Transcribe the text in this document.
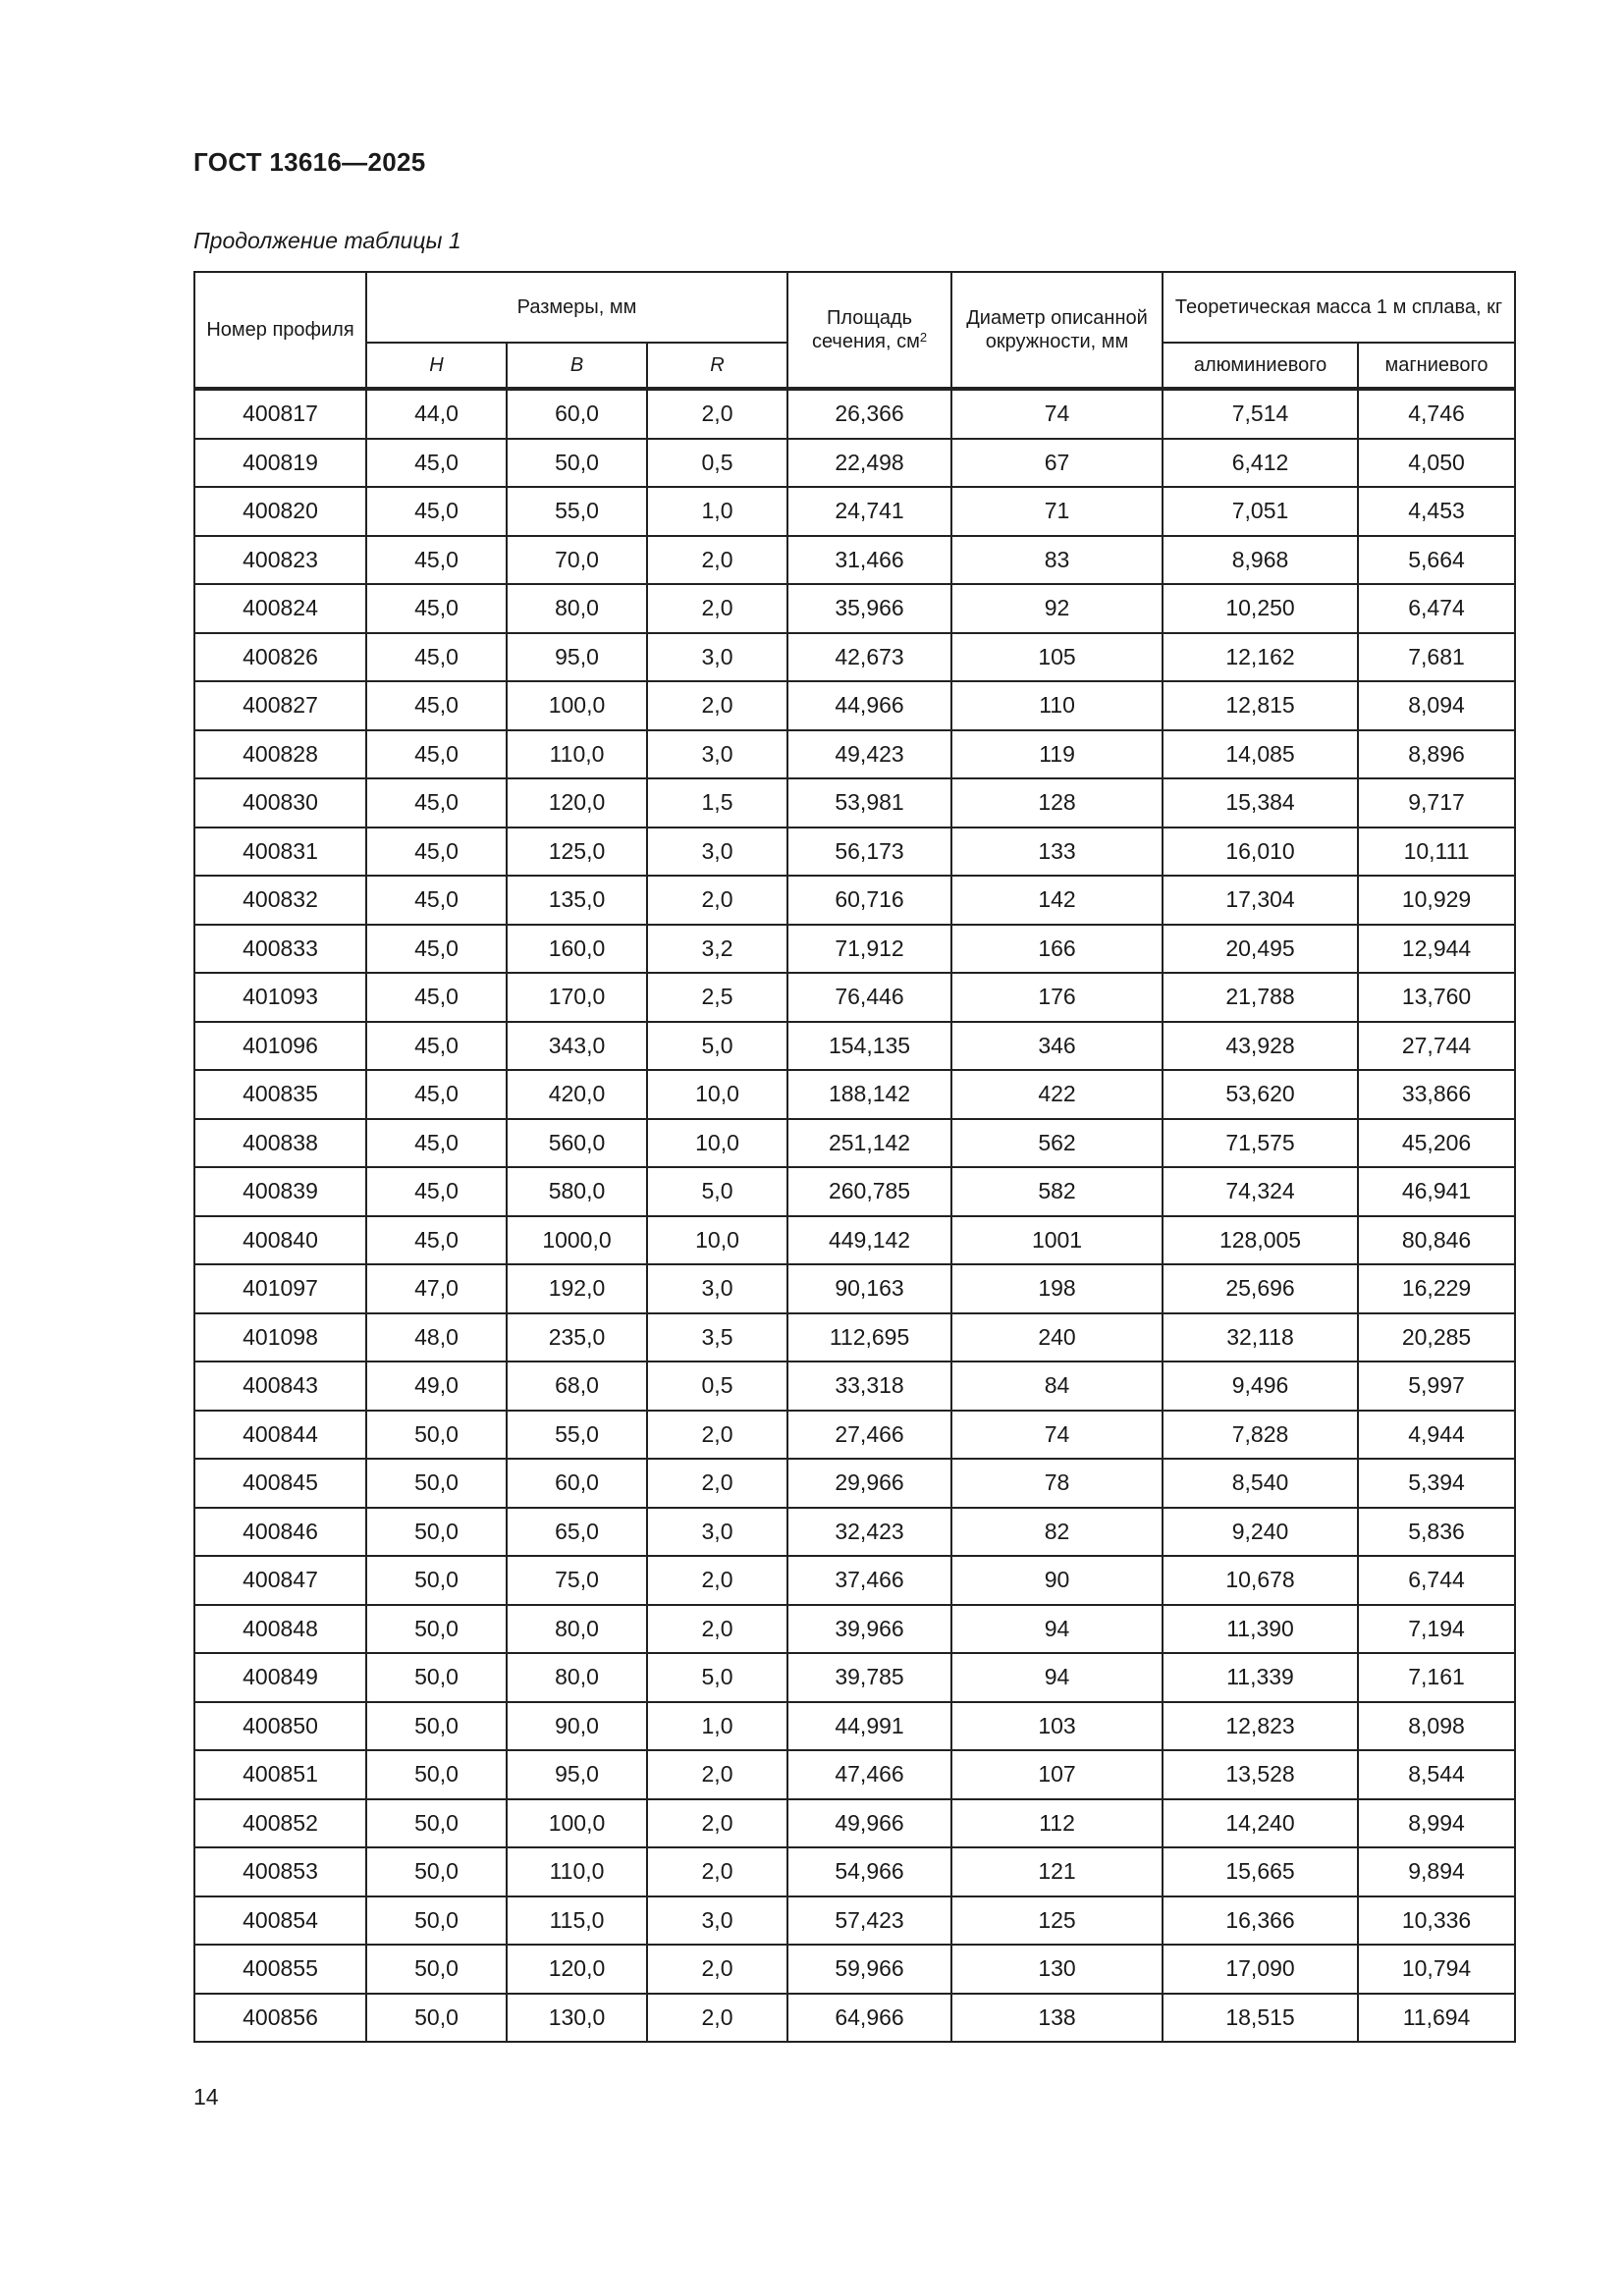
ГОСТ 13616—2025
Продолжение таблицы 1
Номер профиля	Размеры, мм			Площадь сечения, $см^2$	Диаметр описанной окружности, мм	Теоретическая масса 1 м сплава, кг	
	H	B	R			алюминиевого	магниевого
400817	44,0	60,0	2,0	26,366	74	7,514	4,746
400819	45,0	50,0	0,5	22,498	67	6,412	4,050
400820	45,0	55,0	1,0	24,741	71	7,051	4,453
400823	45,0	70,0	2,0	31,466	83	8,968	5,664
400824	45,0	80,0	2,0	35,966	92	10,250	6,474
400826	45,0	95,0	3,0	42,673	105	12,162	7,681
400827	45,0	100,0	2,0	44,966	110	12,815	8,094
400828	45,0	110,0	3,0	49,423	119	14,085	8,896
400830	45,0	120,0	1,5	53,981	128	15,384	9,717
400831	45,0	125,0	3,0	56,173	133	16,010	10,111
400832	45,0	135,0	2,0	60,716	142	17,304	10,929
400833	45,0	160,0	3,2	71,912	166	20,495	12,944
401093	45,0	170,0	2,5	76,446	176	21,788	13,760
401096	45,0	343,0	5,0	154,135	346	43,928	27,744
400835	45,0	420,0	10,0	188,142	422	53,620	33,866
400838	45,0	560,0	10,0	251,142	562	71,575	45,206
400839	45,0	580,0	5,0	260,785	582	74,324	46,941
400840	45,0	1000,0	10,0	449,142	1001	128,005	80,846
401097	47,0	192,0	3,0	90,163	198	25,696	16,229
401098	48,0	235,0	3,5	112,695	240	32,118	20,285
400843	49,0	68,0	0,5	33,318	84	9,496	5,997
400844	50,0	55,0	2,0	27,466	74	7,828	4,944
400845	50,0	60,0	2,0	29,966	78	8,540	5,394
400846	50,0	65,0	3,0	32,423	82	9,240	5,836
400847	50,0	75,0	2,0	37,466	90	10,678	6,744
400848	50,0	80,0	2,0	39,966	94	11,390	7,194
400849	50,0	80,0	5,0	39,785	94	11,339	7,161
400850	50,0	90,0	1,0	44,991	103	12,823	8,098
400851	50,0	95,0	2,0	47,466	107	13,528	8,544
400852	50,0	100,0	2,0	49,966	112	14,240	8,994
400853	50,0	110,0	2,0	54,966	121	15,665	9,894
400854	50,0	115,0	3,0	57,423	125	16,366	10,336
400855	50,0	120,0	2,0	59,966	130	17,090	10,794
400856	50,0	130,0	2,0	64,966	138	18,515	11,694
14
